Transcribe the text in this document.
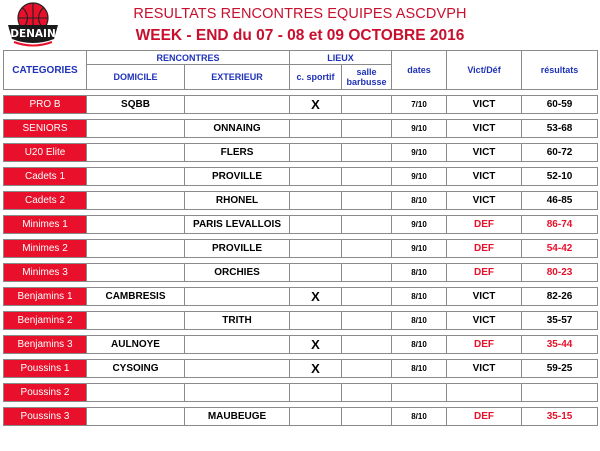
DENAIN
RESULTATS RENCONTRES EQUIPES ASCDVPH
WEEK - END du 07 - 08 et 09 OCTOBRE 2016
CATEGORIES	RENCONTRES		LIEUX		dates	Vict/Déf	résultats
	DOMICILE	EXTERIEUR	c. sportif	salle barbusse			

PRO B	SQBB		X		7/10	VICT	60-59

SENIORS		ONNAING			9/10	VICT	53-68

U20 Elite		FLERS			9/10	VICT	60-72

Cadets 1		PROVILLE			9/10	VICT	52-10

Cadets 2		RHONEL			8/10	VICT	46-85

Minimes 1		PARIS LEVALLOIS			9/10	DEF	86-74

Minimes 2		PROVILLE			9/10	DEF	54-42

Minimes 3		ORCHIES			8/10	DEF	80-23

Benjamins 1	CAMBRESIS		X		8/10	VICT	82-26

Benjamins 2		TRITH			8/10	VICT	35-57

Benjamins 3	AULNOYE		X		8/10	DEF	35-44

Poussins 1	CYSOING		X		8/10	VICT	59-25

Poussins 2							

Poussins 3		MAUBEUGE			8/10	DEF	35-15
